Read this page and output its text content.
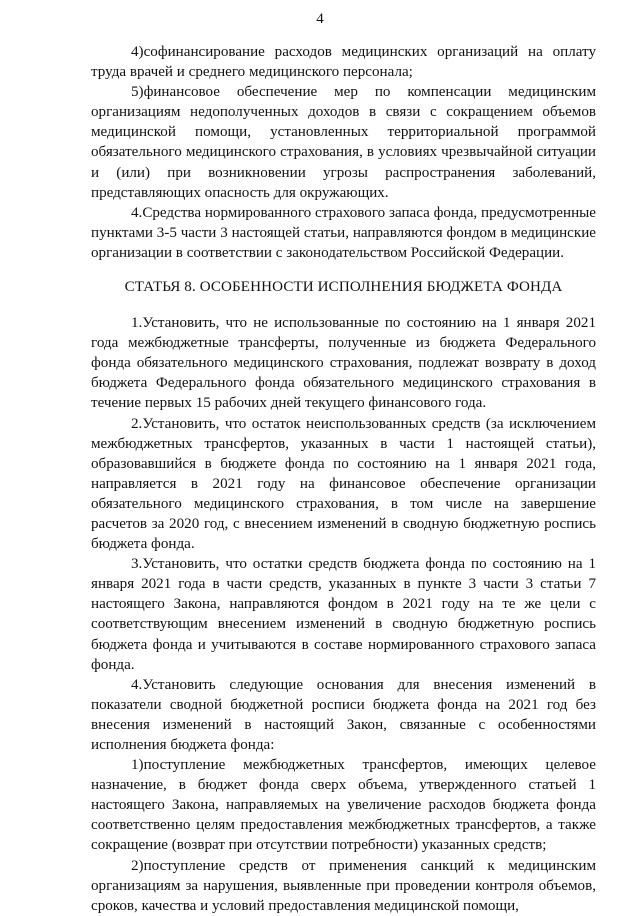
4

4)софинансирование расходов медицинских организаций на оплату труда врачей и среднего медицинского персонала;

5)финансовое обеспечение мер по компенсации медицинским организациям недополученных доходов в связи с сокращением объемов медицинской помощи, установленных территориальной программой обязательного медицинского страхования, в условиях чрезвычайной ситуации и (или) при возникновении угрозы распространения заболеваний, представляющих опасность для окружающих.

4.Средства нормированного страхового запаса фонда, предусмотренные пунктами 3-5 части 3 настоящей статьи, направляются фондом в медицинские организации в соответствии с законодательством Российской Федерации.

СТАТЬЯ 8. ОСОБЕННОСТИ ИСПОЛНЕНИЯ БЮДЖЕТА ФОНДА

1.Установить, что не использованные по состоянию на 1 января 2021 года межбюджетные трансферты, полученные из бюджета Федерального фонда обязательного медицинского страхования, подлежат возврату в доход бюджета Федерального фонда обязательного медицинского страхования в течение первых 15 рабочих дней текущего финансового года.

2.Установить, что остаток неиспользованных средств (за исключением межбюджетных трансфертов, указанных в части 1 настоящей статьи), образовавшийся в бюджете фонда по состоянию на 1 января 2021 года, направляется в 2021 году на финансовое обеспечение организации обязательного медицинского страхования, в том числе на завершение расчетов за 2020 год, с внесением изменений в сводную бюджетную роспись бюджета фонда.

3.Установить, что остатки средств бюджета фонда по состоянию на 1 января 2021 года в части средств, указанных в пункте 3 части 3 статьи 7 настоящего Закона, направляются фондом в 2021 году на те же цели с соответствующим внесением изменений в сводную бюджетную роспись бюджета фонда и учитываются в составе нормированного страхового запаса фонда.

4.Установить следующие основания для внесения изменений в показатели сводной бюджетной росписи бюджета фонда на 2021 год без внесения изменений в настоящий Закон, связанные с особенностями исполнения бюджета фонда:

1)поступление межбюджетных трансфертов, имеющих целевое назначение, в бюджет фонда сверх объема, утвержденного статьей 1 настоящего Закона, направляемых на увеличение расходов бюджета фонда соответственно целям предоставления межбюджетных трансфертов, а также сокращение (возврат при отсутствии потребности) указанных средств;

2)поступление средств от применения санкций к медицинским организациям за нарушения, выявленные при проведении контроля объемов, сроков, качества и условий предоставления медицинской помощи,
